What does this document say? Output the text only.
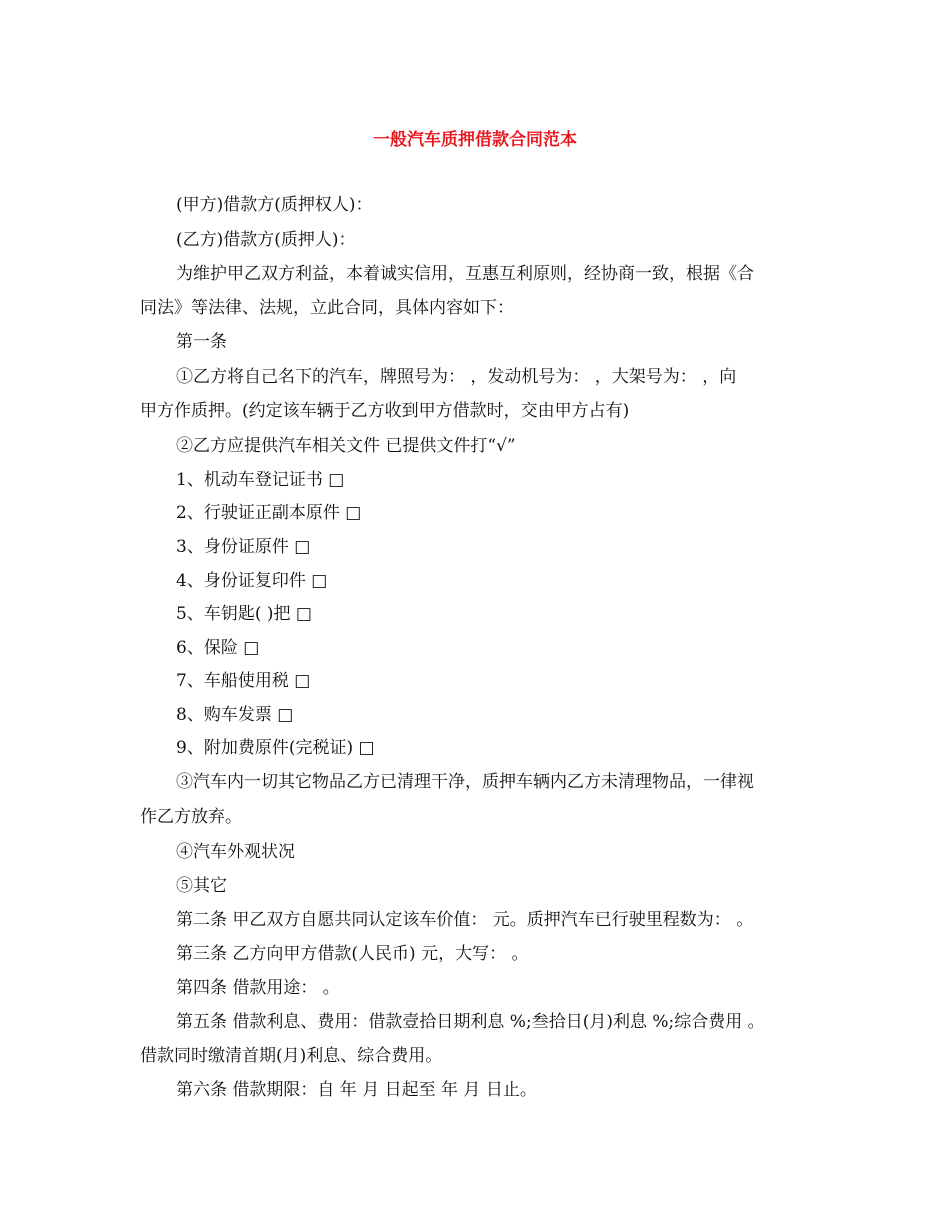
一般汽车质押借款合同范本
(甲方)借款方(质押权人)：
(乙方)借款方(质押人)：
为维护甲乙双方利益，本着诚实信用，互惠互利原则，经协商一致，根据《合
同法》等法律、法规，立此合同，具体内容如下：
第一条
①乙方将自己名下的汽车，牌照号为： ，发动机号为： ，大架号为： ，向
甲方作质押。(约定该车辆于乙方收到甲方借款时，交由甲方占有)
②乙方应提供汽车相关文件 已提供文件打“√”
1、机动车登记证书 □
2、行驶证正副本原件 □
3、身份证原件 □
4、身份证复印件 □
5、车钥匙( )把 □
6、保险 □
7、车船使用税 □
8、购车发票 □
9、附加费原件(完税证) □
③汽车内一切其它物品乙方已清理干净，质押车辆内乙方未清理物品，一律视
作乙方放弃。
④汽车外观状况
⑤其它
第二条 甲乙双方自愿共同认定该车价值： 元。质押汽车已行驶里程数为： 。
第三条 乙方向甲方借款(人民币) 元，大写： 。
第四条 借款用途： 。
第五条 借款利息、费用：借款壹拾日期利息 %;叁拾日(月)利息 %;综合费用 。
借款同时缴清首期(月)利息、综合费用。
第六条 借款期限：自 年 月 日起至 年 月 日止。
